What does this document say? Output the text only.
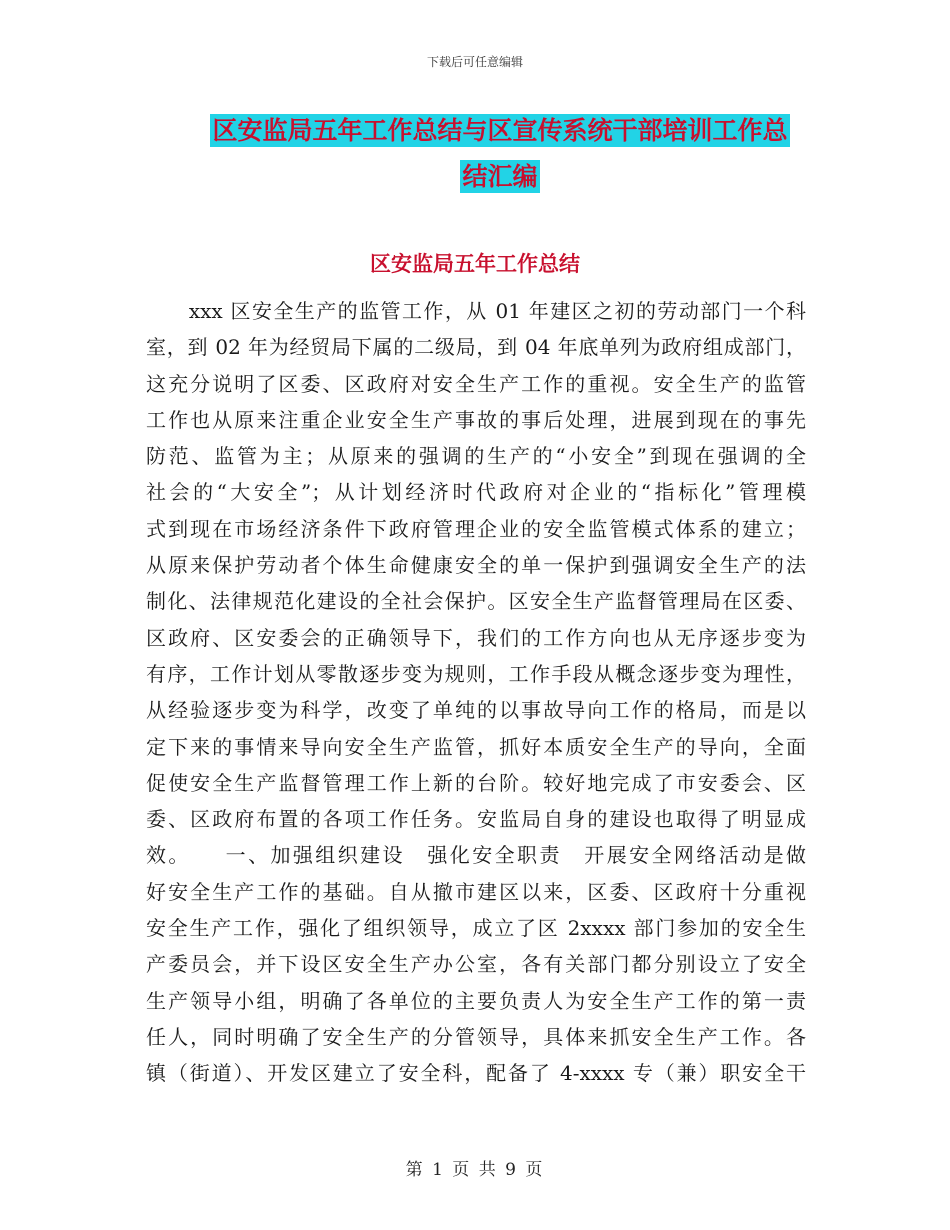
下载后可任意编辑
区安监局五年工作总结与区宣传系统干部培训工作总
结汇编
区安监局五年工作总结
　　xxx 区安全生产的监管工作，从 01 年建区之初的劳动部门一个科
室，到 02 年为经贸局下属的二级局，到 04 年底单列为政府组成部门，
这充分说明了区委、区政府对安全生产工作的重视。安全生产的监管
工作也从原来注重企业安全生产事故的事后处理，进展到现在的事先
防范、监管为主；从原来的强调的生产的“小安全”到现在强调的全
社会的“大安全”；从计划经济时代政府对企业的“指标化”管理模
式到现在市场经济条件下政府管理企业的安全监管模式体系的建立；
从原来保护劳动者个体生命健康安全的单一保护到强调安全生产的法
制化、法律规范化建设的全社会保护。区安全生产监督管理局在区委、
区政府、区安委会的正确领导下，我们的工作方向也从无序逐步变为
有序，工作计划从零散逐步变为规则，工作手段从概念逐步变为理性，
从经验逐步变为科学，改变了单纯的以事故导向工作的格局，而是以
定下来的事情来导向安全生产监管，抓好本质安全生产的导向，全面
促使安全生产监督管理工作上新的台阶。较好地完成了市安委会、区
委、区政府布置的各项工作任务。安监局自身的建设也取得了明显成
效。　　一、加强组织建设　强化安全职责　开展安全网络活动是做
好安全生产工作的基础。自从撤市建区以来，区委、区政府十分重视
安全生产工作，强化了组织领导，成立了区 2xxxx 部门参加的安全生
产委员会，并下设区安全生产办公室，各有关部门都分别设立了安全
生产领导小组，明确了各单位的主要负责人为安全生产工作的第一责
任人，同时明确了安全生产的分管领导，具体来抓安全生产工作。各
镇（街道）、开发区建立了安全科，配备了 4-xxxx 专（兼）职安全干
第 1 页 共 9 页
